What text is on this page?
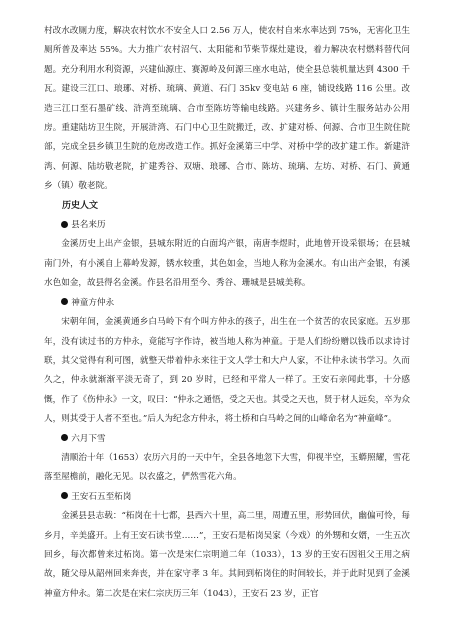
村改水改厕力度，解决农村饮水不安全人口 2.56 万人，使农村自来水率达到 75%，无害化卫生厕所普及率达 55%。大力推广农村沼气、太阳能和节柴节煤灶建设，着力解决农村燃料替代问题。充分利用水利资源，兴建仙源庄、赛源岭及何源三座水电站，使全县总装机量达到 4300 千瓦。建设三江口、琅琊、对桥、琉璃、黄道、石门 35kv 变电站 6 座，铺设线路 116 公里。改造三江口至石墨矿线、浒湾至琉璃、合市至陈坊等输电线路。兴建务乡、镇计生服务站办公用房。重建陆坊卫生院，开展浒湾、石门中心卫生院搬迁，改、扩建对桥、何源、合市卫生院住院部，完成全县乡镇卫生院的危房改造工作。抓好金溪第三中学、对桥中学的改扩建工作。新建浒湾、何源、陆坊敬老院，扩建秀谷、双塘、琅琊、合市、陈坊、琉璃、左坊、对桥、石门、黄通乡（镇）敬老院。

历史人文

县名来历

金溪历史上出产金银，县城东附近的白面坞产银，南唐李煜时，此地曾开设采银场；在县城南门外，有小溪自上幕岭发源，锈水较重，其色如金，当地人称为金溪水。有山出产金银，有溪水色如金，故县得名金溪。作县名沿用至今、秀谷、珊城是县城美称。

神童方仲永

宋朝年间，金溪黄通乡白马岭下有个叫方仲永的孩子，出生在一个贫苦的农民家庭。五岁那年，没有读过书的方仲永，竟能写字作诗，被当地人称为神童。于是人们纷纷赠以钱币以求诗讨联，其父觉得有利可图，就整天带着仲永来往于文人学士和大户人家，不让仲永读书学习。久而久之，仲永就渐渐平淡无奇了，到 20 岁时，已经和平常人一样了。王安石亲闻此事，十分感慨，作了《伤仲永》一文，叹曰：“仲永之通悟，受之天也。其受之天也，贤于材人远矣，卒为众人，则其受于人者不至也。”后人为纪念方仲永，将土桥和白马岭之间的山峰命名为“神童峰”。

六月下雪

清顺治十年（1653）农历六月的一天中午，全县各地忽下大雪，仰视半空，玉蟒照耀，雪花落至屋檐前，融化无见。以衣盛之，俨然雪花六角。

王安石五至柘岗

金溪县县志载：“柘岗在十七都，县西六十里，高二里，周遭五里，形势回伏，幽偏可怜，每乡月，辛美盛开。上有王安石读书堂……”，王安石是柘岗吴家（今戏）的外甥和女婿，一生五次回乡，每次都曾来过柘岗。第一次是宋仁宗明道二年（1033），13 岁的王安石因祖父王用之病故，随父母从韶州回来奔丧，并在家守孝 3 年。其间到柘岗住的时间较长，并于此时见到了金溪神童方仲永。第二次是在宋仁宗庆历三年（1043），王安石 23 岁，正官
